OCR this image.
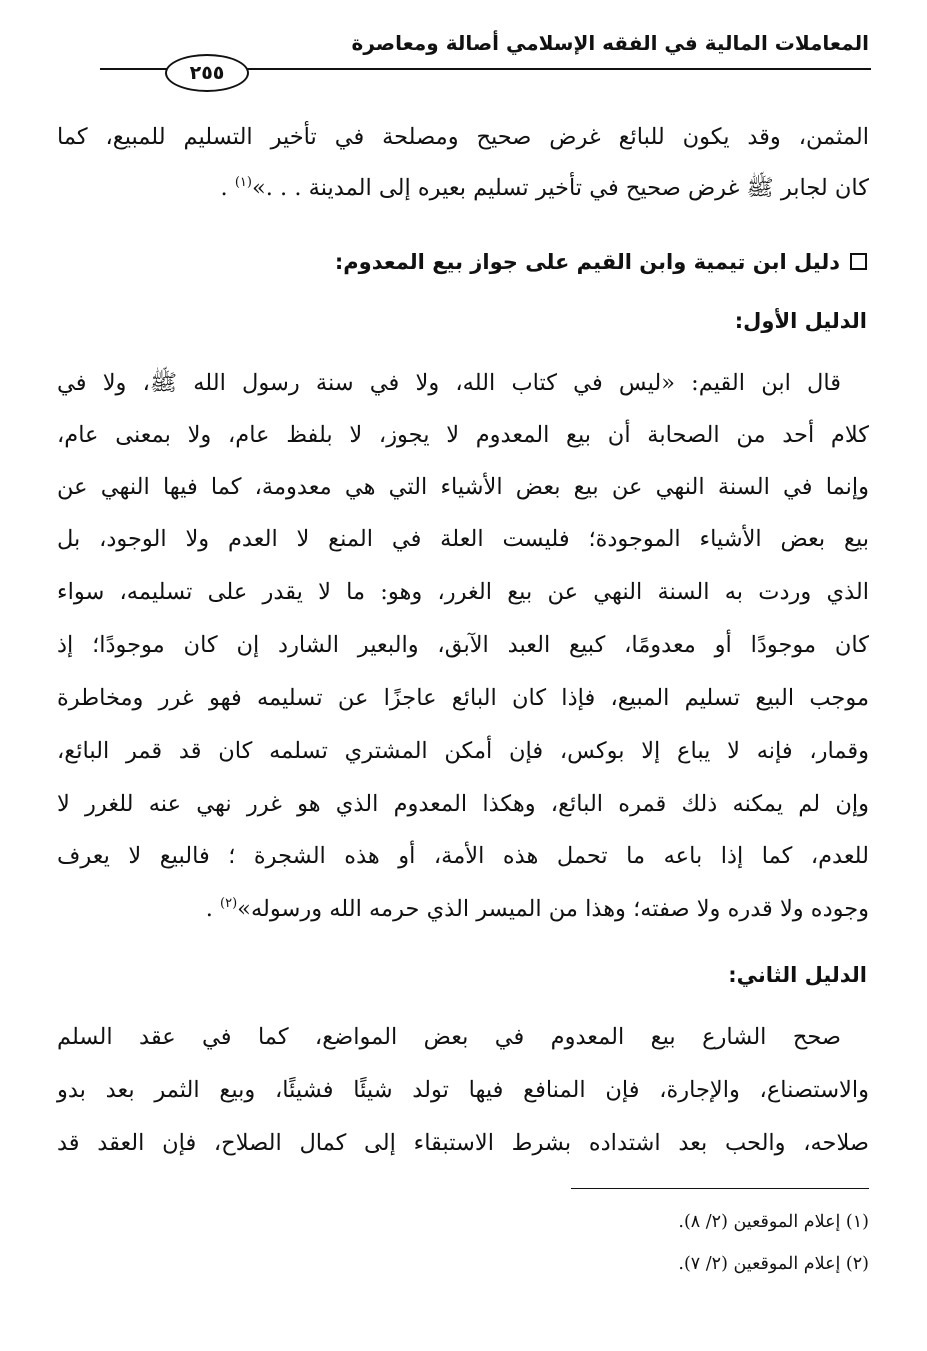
المعاملات المالية في الفقه الإسلامي أصالة ومعاصرة
٢٥٥
المثمن، وقد يكون للبائع غرض صحيح ومصلحة في تأخير التسليم للمبيع، كما
كان لجابر ﷺ غرض صحيح في تأخير تسليم بعيره إلى المدينة . . .»$^{(١)}$ .
دليل ابن تيمية وابن القيم على جواز بيع المعدوم:
الدليل الأول:
قال ابن القيم: «ليس في كتاب الله، ولا في سنة رسول الله ﷺ، ولا في
كلام أحد من الصحابة أن بيع المعدوم لا يجوز، لا بلفظ عام، ولا بمعنى عام،
وإنما في السنة النهي عن بيع بعض الأشياء التي هي معدومة، كما فيها النهي عن
بيع بعض الأشياء الموجودة؛ فليست العلة في المنع لا العدم ولا الوجود، بل
الذي وردت به السنة النهي عن بيع الغرر، وهو: ما لا يقدر على تسليمه، سواء
كان موجودًا أو معدومًا، كبيع العبد الآبق، والبعير الشارد إن كان موجودًا؛ إذ
موجب البيع تسليم المبيع، فإذا كان البائع عاجزًا عن تسليمه فهو غرر ومخاطرة
وقمار، فإنه لا يباع إلا بوكس، فإن أمكن المشتري تسلمه كان قد قمر البائع،
وإن لم يمكنه ذلك قمره البائع، وهكذا المعدوم الذي هو غرر نهي عنه للغرر لا
للعدم، كما إذا باعه ما تحمل هذه الأمة، أو هذه الشجرة ؛ فالبيع لا يعرف
وجوده ولا قدره ولا صفته؛ وهذا من الميسر الذي حرمه الله ورسوله»$^{(٢)}$ .
الدليل الثاني:
صحح الشارع بيع المعدوم في بعض المواضع، كما في عقد السلم
والاستصناع، والإجارة، فإن المنافع فيها تولد شيئًا فشيئًا، وبيع الثمر بعد بدو
صلاحه، والحب بعد اشتداده بشرط الاستبقاء إلى كمال الصلاح، فإن العقد قد
(١) إعلام الموقعين (٢/ ٨).
(٢) إعلام الموقعين (٢/ ٧).
